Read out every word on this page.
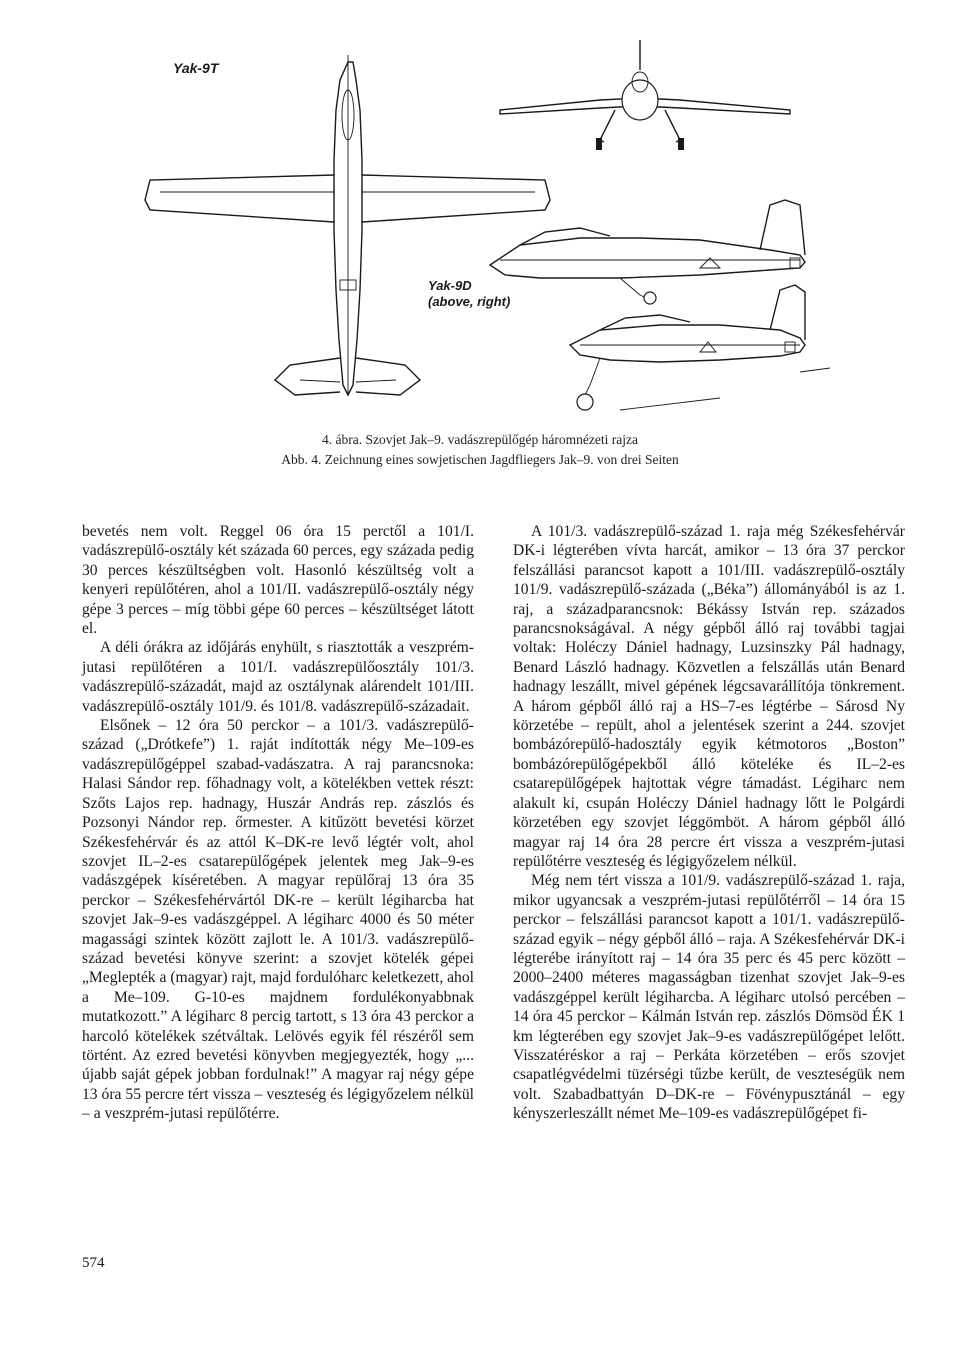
Yak-9T
Yak-9D
(above, right)
4. ábra. Szovjet Jak–9. vadászrepülőgép háromnézeti rajza
Abb. 4. Zeichnung eines sowjetischen Jagdfliegers Jak–9. von drei Seiten

bevetés nem volt. Reggel 06 óra 15 perctől a 101/I. vadászrepülő-osztály két százada 60 perces, egy százada pedig 30 perces készültségben volt. Hasonló készültség volt a kenyeri repülőtéren, ahol a 101/II. vadászrepülő-osztály négy gépe 3 perces – míg többi gépe 60 perces – készültséget látott el.

A déli órákra az időjárás enyhült, s riasztották a veszprém-jutasi repülőtéren a 101/I. vadászrepülőosztály 101/3. vadászrepülő-századát, majd az osztálynak alárendelt 101/III. vadászrepülő-osztály 101/9. és 101/8. vadászrepülő-századait.

Elsőnek – 12 óra 50 perckor – a 101/3. vadászrepülő-század („Drótkefe”) 1. raját indították négy Me–109-es vadászrepülőgéppel szabad-vadászatra. A raj parancsnoka: Halasi Sándor rep. főhadnagy volt, a kötelékben vettek részt: Szőts Lajos rep. hadnagy, Huszár András rep. zászlós és Pozsonyi Nándor rep. őrmester. A kitűzött bevetési körzet Székesfehérvár és az attól K–DK-re levő légtér volt, ahol szovjet IL–2-es csatarepülőgépek jelentek meg Jak–9-es vadászgépek kíséretében. A magyar repülőraj 13 óra 35 perckor – Székesfehérvártól DK-re – került légiharcba hat szovjet Jak–9-es vadászgéppel. A légiharc 4000 és 50 méter magassági szintek között zajlott le. A 101/3. vadászrepülő-század bevetési könyve szerint: a szovjet kötelék gépei „Meglepték a (magyar) rajt, majd fordulóharc keletkezett, ahol a Me–109. G-10-es majdnem fordulékonyabbnak mutatkozott.” A légiharc 8 percig tartott, s 13 óra 43 perckor a harcoló kötelékek szétváltak. Lelövés egyik fél részéről sem történt. Az ezred bevetési könyvben megjegyezték, hogy „... újabb saját gépek jobban fordulnak!” A magyar raj négy gépe 13 óra 55 percre tért vissza – veszteség és légigyőzelem nélkül – a veszprém-jutasi repülőtérre.

A 101/3. vadászrepülő-század 1. raja még Székesfehérvár DK-i légterében vívta harcát, amikor – 13 óra 37 perckor felszállási parancsot kapott a 101/III. vadászrepülő-osztály 101/9. vadászrepülő-százada („Béka”) állományából is az 1. raj, a századparancsnok: Békássy István rep. százados parancsnokságával. A négy gépből álló raj további tagjai voltak: Holéczy Dániel hadnagy, Luzsinszky Pál hadnagy, Benard László hadnagy. Közvetlen a felszállás után Benard hadnagy leszállt, mivel gépének légcsavarállítója tönkrement. A három gépből álló raj a HS–7-es légtérbe – Sárosd Ny körzetébe – repült, ahol a jelentések szerint a 244. szovjet bombázórepülő-hadosztály egyik kétmotoros „Boston” bombázórepülőgépekből álló köteléke és IL–2-es csatarepülőgépek hajtottak végre támadást. Légiharc nem alakult ki, csupán Holéczy Dániel hadnagy lőtt le Polgárdi körzetében egy szovjet léggömböt. A három gépből álló magyar raj 14 óra 28 percre ért vissza a veszprém-jutasi repülőtérre veszteség és légigyőzelem nélkül.

Még nem tért vissza a 101/9. vadászrepülő-század 1. raja, mikor ugyancsak a veszprém-jutasi repülőtérről – 14 óra 15 perckor – felszállási parancsot kapott a 101/1. vadászrepülő-század egyik – négy gépből álló – raja. A Székesfehérvár DK-i légterébe irányított raj – 14 óra 35 perc és 45 perc között – 2000–2400 méteres magasságban tizenhat szovjet Jak–9-es vadászgéppel került légiharcba. A légiharc utolsó percében – 14 óra 45 perckor – Kálmán István rep. zászlós Dömsöd ÉK 1 km légterében egy szovjet Jak–9-es vadászrepülőgépet lelőtt. Visszatéréskor a raj – Perkáta körzetében – erős szovjet csapatlégvédelmi tüzérségi tűzbe került, de veszteségük nem volt. Szabadbattyán D–DK-re – Fövénypusztánál – egy kényszerleszállt német Me–109-es vadászrepülőgépet fi-

574
